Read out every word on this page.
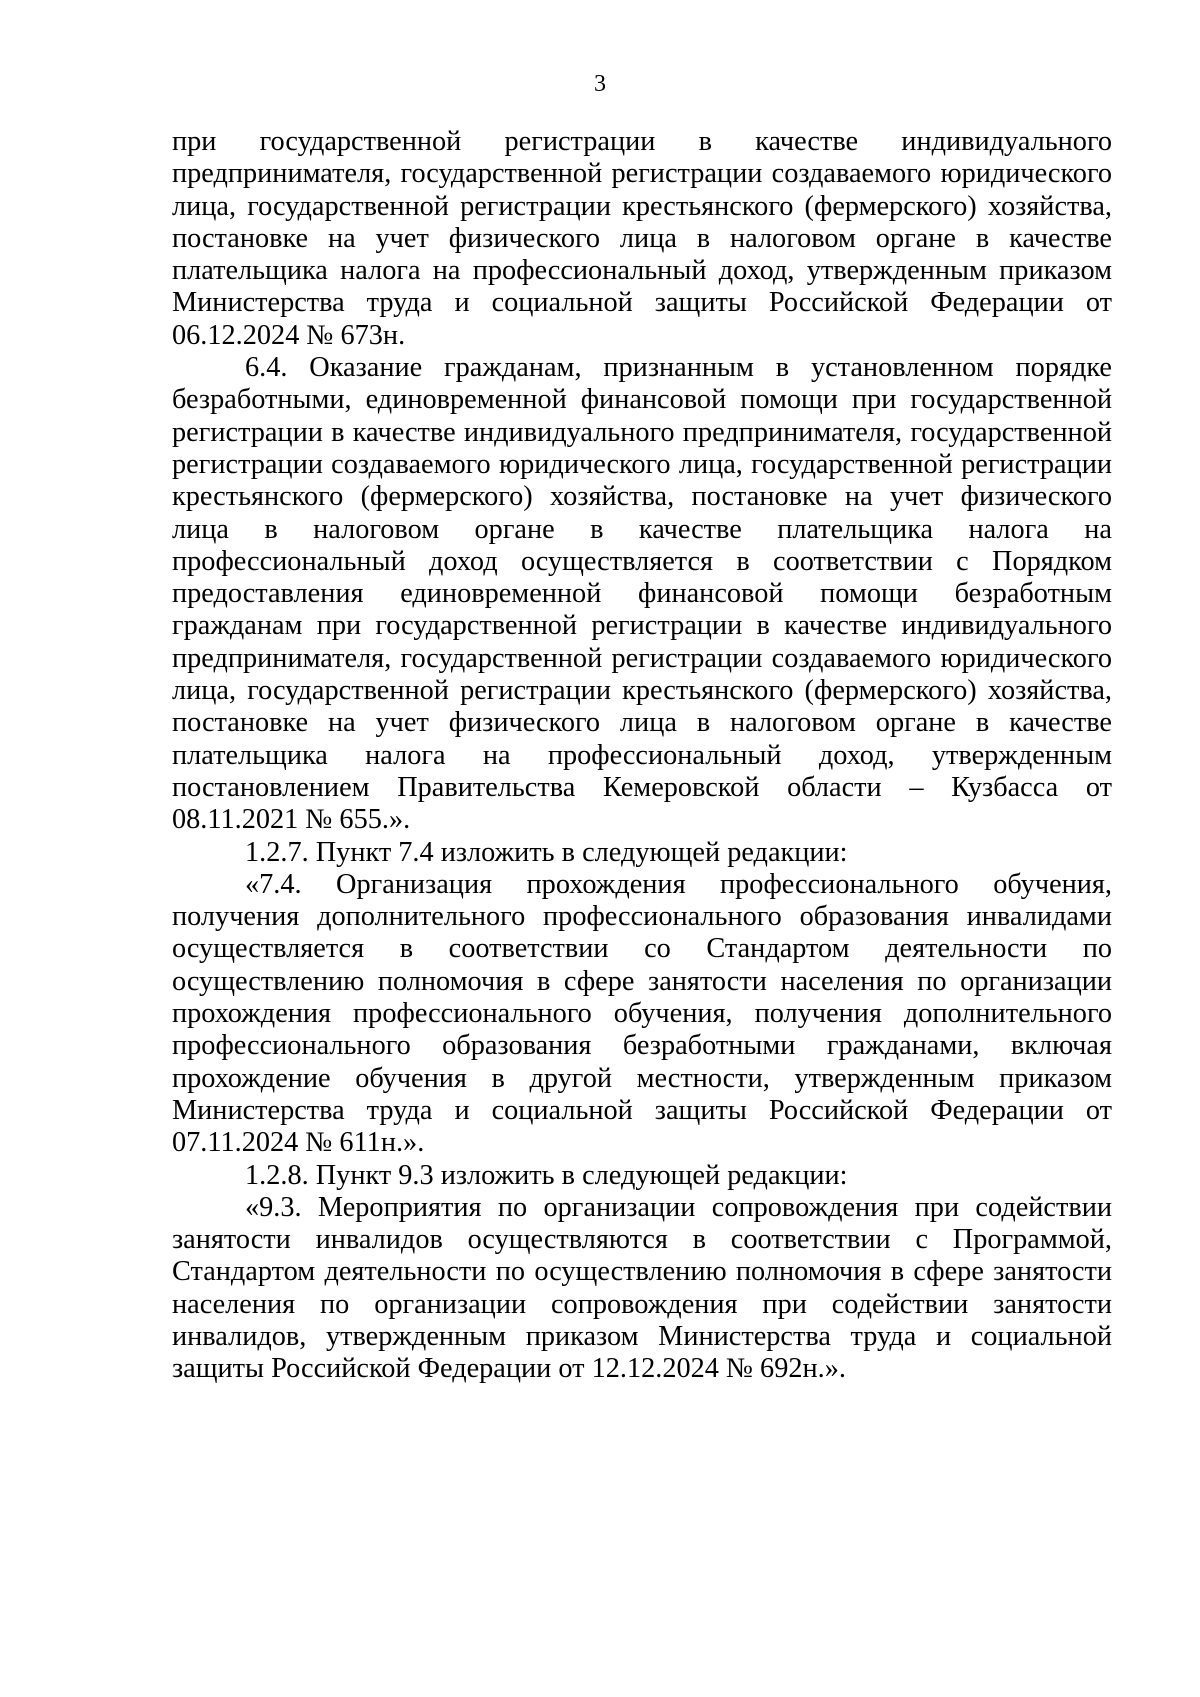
3

при государственной регистрации в качестве индивидуального предпринимателя, государственной регистрации создаваемого юридического лица, государственной регистрации крестьянского (фермерского) хозяйства, постановке на учет физического лица в налоговом органе в качестве плательщика налога на профессиональный доход, утвержденным приказом Министерства труда и социальной защиты Российской Федерации от 06.12.2024 № 673н.

6.4. Оказание гражданам, признанным в установленном порядке безработными, единовременной финансовой помощи при государственной регистрации в качестве индивидуального предпринимателя, государственной регистрации создаваемого юридического лица, государственной регистрации крестьянского (фермерского) хозяйства, постановке на учет физического лица в налоговом органе в качестве плательщика налога на профессиональный доход осуществляется в соответствии с Порядком предоставления единовременной финансовой помощи безработным гражданам при государственной регистрации в качестве индивидуального предпринимателя, государственной регистрации создаваемого юридического лица, государственной регистрации крестьянского (фермерского) хозяйства, постановке на учет физического лица в налоговом органе в качестве плательщика налога на профессиональный доход, утвержденным постановлением Правительства Кемеровской области – Кузбасса от 08.11.2021 № 655.».

1.2.7. Пункт 7.4 изложить в следующей редакции:

«7.4. Организация прохождения профессионального обучения, получения дополнительного профессионального образования инвалидами осуществляется в соответствии со Стандартом деятельности по осуществлению полномочия в сфере занятости населения по организации прохождения профессионального обучения, получения дополнительного профессионального образования безработными гражданами, включая прохождение обучения в другой местности, утвержденным приказом Министерства труда и социальной защиты Российской Федерации от 07.11.2024 № 611н.».

1.2.8. Пункт 9.3 изложить в следующей редакции:

«9.3. Мероприятия по организации сопровождения при содействии занятости инвалидов осуществляются в соответствии с Программой, Стандартом деятельности по осуществлению полномочия в сфере занятости населения по организации сопровождения при содействии занятости инвалидов, утвержденным приказом Министерства труда и социальной защиты Российской Федерации от 12.12.2024 № 692н.».
